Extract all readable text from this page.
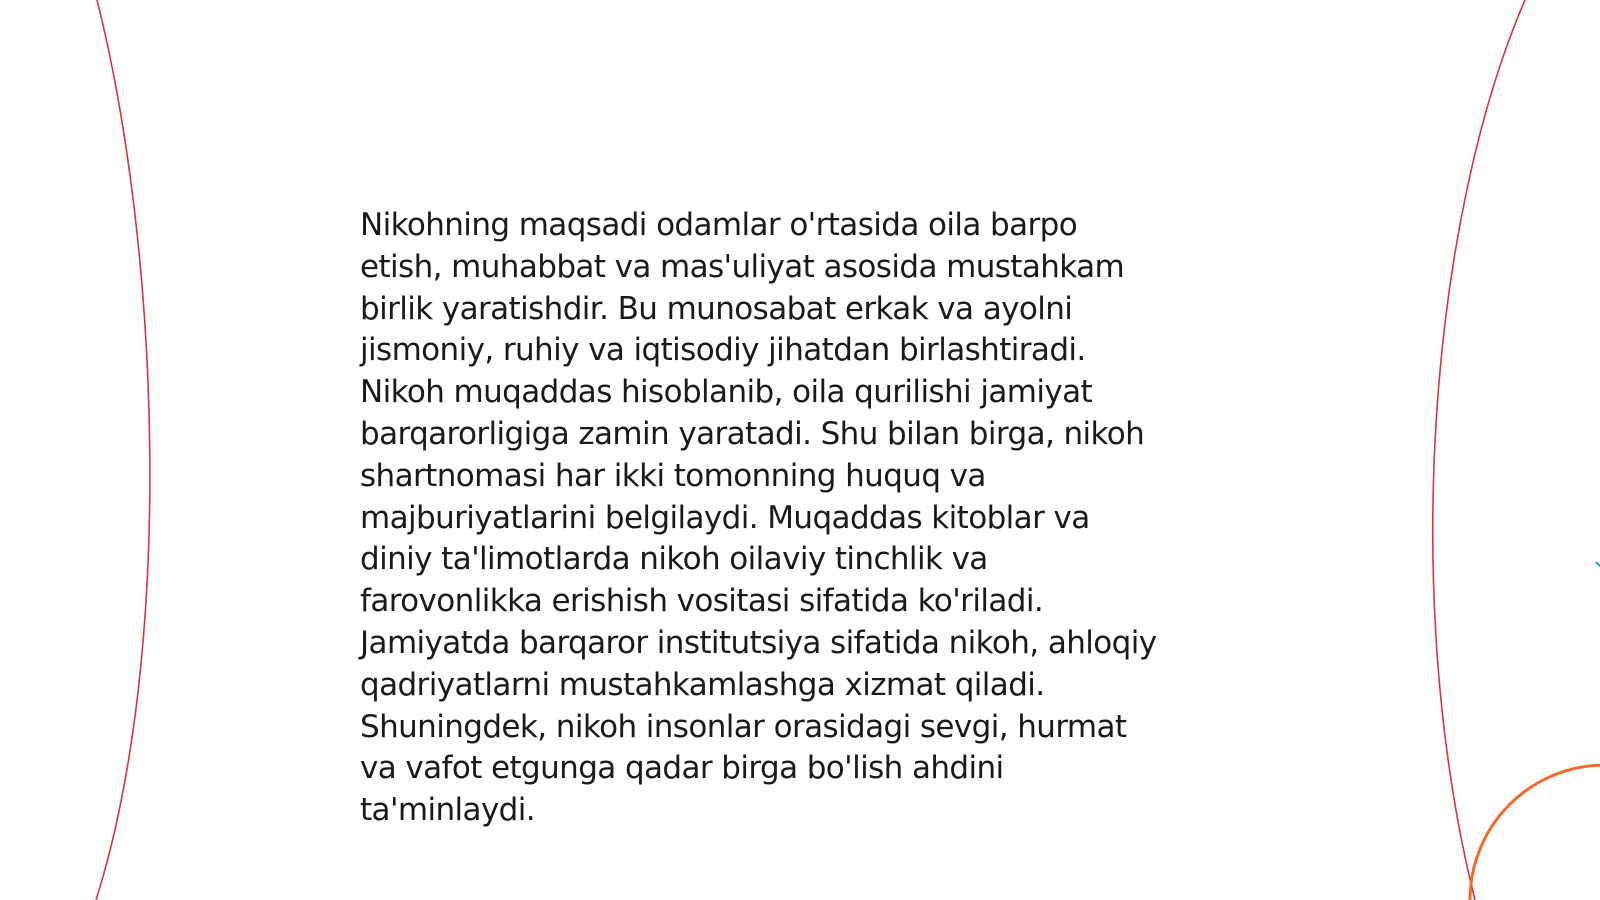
Nikohning maqsadi odamlar o'rtasida oila barpo
etish, muhabbat va mas'uliyat asosida mustahkam
birlik yaratishdir. Bu munosabat erkak va ayolni
jismoniy, ruhiy va iqtisodiy jihatdan birlashtiradi.
Nikoh muqaddas hisoblanib, oila qurilishi jamiyat
barqarorligiga zamin yaratadi. Shu bilan birga, nikoh
shartnomasi har ikki tomonning huquq va
majburiyatlarini belgilaydi. Muqaddas kitoblar va
diniy ta'limotlarda nikoh oilaviy tinchlik va
farovonlikka erishish vositasi sifatida ko'riladi.
Jamiyatda barqaror institutsiya sifatida nikoh, ahloqiy
qadriyatlarni mustahkamlashga xizmat qiladi.
Shuningdek, nikoh insonlar orasidagi sevgi, hurmat
va vafot etgunga qadar birga bo'lish ahdini
ta'minlaydi.
